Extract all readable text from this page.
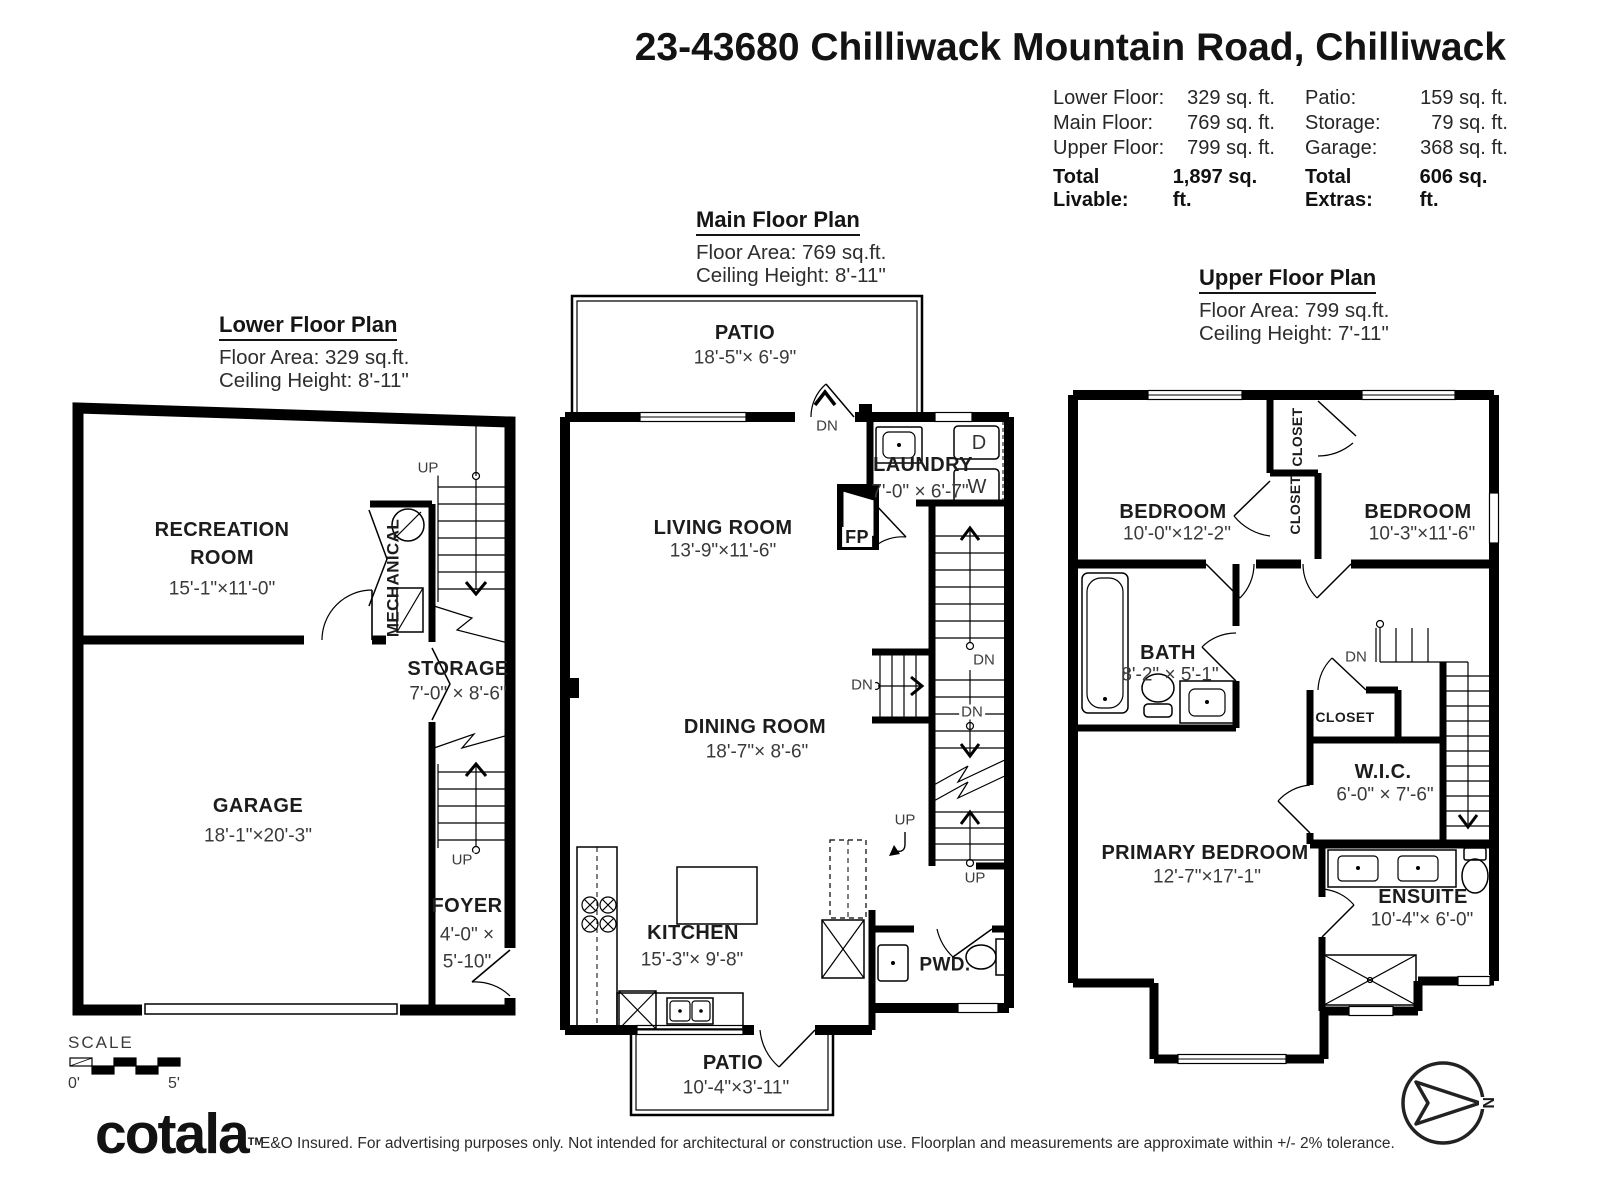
23-43680 Chilliwack Mountain Road, Chilliwack
Lower Floor:	329 sq. ft. Patio:	159 sq. ft.
Main Floor:	769 sq. ft. Storage:	79 sq. ft.
Upper Floor:	799 sq. ft. Garage:	368 sq. ft.
Total Livable:
1,897 sq. ft.
Total Extras:
606 sq. ft.
Lower Floor Plan
Floor Area: 329 sq.ft.
Ceiling Height: 8'-11"
Main Floor Plan
Floor Area: 769 sq.ft.
Ceiling Height: 8'-11"	Upper Floor Plan
Floor Area: 799 sq.ft.
Ceiling Height: 7'-11"
RECREATION
ROOM
15'-1"×11'-0"	MECHANICAL
STORAGE
7'-0" × 8'-6"
GARAGE
18'-1"×20'-3"
FOYER
4'-0" ×
5'-10"
UP
UP
PATIO
18'-5"× 6'-9"
DN
LAUNDRY
7'-0" × 6'-7"
D
W
FP
LIVING ROOM
13'-9"×11'-6"
DN
DN
DN
DINING ROOM
18'-7"× 8'-6"
UP
UP
KITCHEN
15'-3"× 9'-8"	PWD.
PATIO
10'-4"×3'-11"
BEDROOM
10'-0"×12'-2"
BEDROOM
10'-3"×11'-6"
CLOSET
CLOSET
BATH
8'-2" × 5'-1"
DN
CLOSET
W.I.C.
6'-0" × 7'-6"
PRIMARY BEDROOM
12'-7"×17'-1"
ENSUITE
10'-4"× 6'-0"
SCALE
0'	5'
N
cotala™
E&O Insured. For advertising purposes only. Not intended for architectural or construction use. Floorplan and measurements are approximate within +/- 2% tolerance.
